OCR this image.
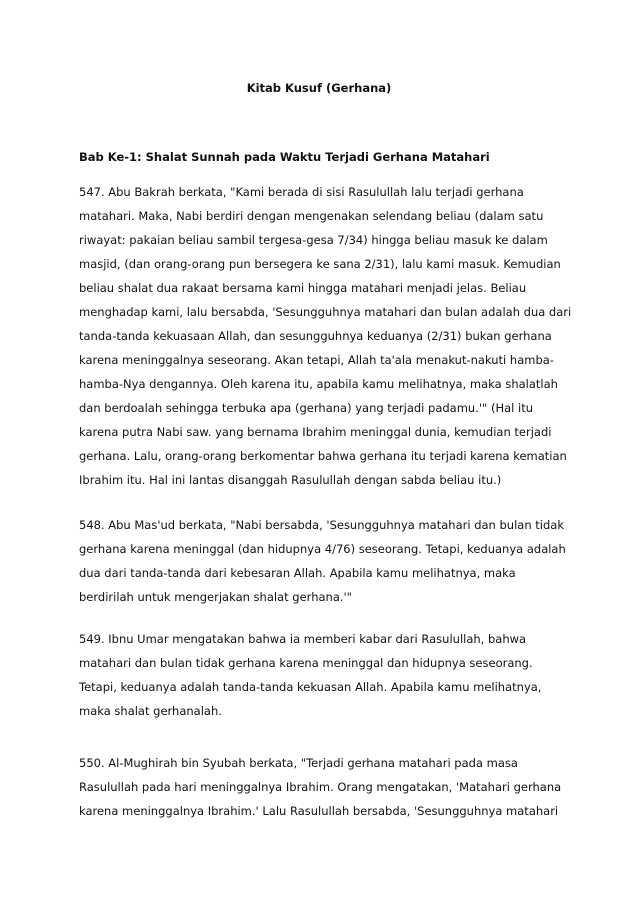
Kitab Kusuf (Gerhana)
Bab Ke-1: Shalat Sunnah pada Waktu Terjadi Gerhana Matahari

547. Abu Bakrah berkata, "Kami berada di sisi Rasulullah lalu terjadi gerhana
matahari. Maka, Nabi berdiri dengan mengenakan selendang beliau (dalam satu
riwayat: pakaian beliau sambil tergesa-gesa 7/34) hingga beliau masuk ke dalam
masjid, (dan orang-orang pun bersegera ke sana 2/31), lalu kami masuk. Kemudian
beliau shalat dua rakaat bersama kami hingga matahari menjadi jelas. Beliau
menghadap kami, lalu bersabda, 'Sesungguhnya matahari dan bulan adalah dua dari
tanda-tanda kekuasaan Allah, dan sesungguhnya keduanya (2/31) bukan gerhana
karena meninggalnya seseorang. Akan tetapi, Allah ta'ala menakut-nakuti hamba-
hamba-Nya dengannya. Oleh karena itu, apabila kamu melihatnya, maka shalatlah
dan berdoalah sehingga terbuka apa (gerhana) yang terjadi padamu.'" (Hal itu
karena putra Nabi saw. yang bernama Ibrahim meninggal dunia, kemudian terjadi
gerhana. Lalu, orang-orang berkomentar bahwa gerhana itu terjadi karena kematian
Ibrahim itu. Hal ini lantas disanggah Rasulullah dengan sabda beliau itu.)

548. Abu Mas'ud berkata, "Nabi bersabda, 'Sesungguhnya matahari dan bulan tidak
gerhana karena meninggal (dan hidupnya 4/76) seseorang. Tetapi, keduanya adalah
dua dari tanda-tanda dari kebesaran Allah. Apabila kamu melihatnya, maka
berdirilah untuk mengerjakan shalat gerhana.'"

549. Ibnu Umar mengatakan bahwa ia memberi kabar dari Rasulullah, bahwa
matahari dan bulan tidak gerhana karena meninggal dan hidupnya seseorang.
Tetapi, keduanya adalah tanda-tanda kekuasan Allah. Apabila kamu melihatnya,
maka shalat gerhanalah.

550. Al-Mughirah bin Syubah berkata, "Terjadi gerhana matahari pada masa
Rasulullah pada hari meninggalnya Ibrahim. Orang mengatakan, 'Matahari gerhana
karena meninggalnya Ibrahim.' Lalu Rasulullah bersabda, 'Sesungguhnya matahari
